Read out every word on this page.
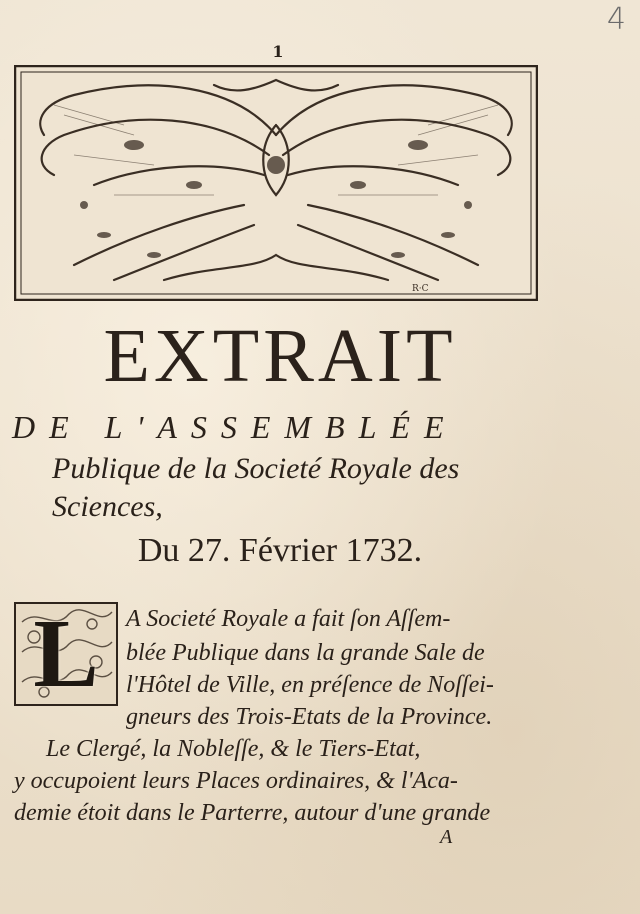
4
1
R·C
EXTRAIT
DE L'ASSEMBLÉE
Publique de la Societé Royale des
Sciences,
Du 27. Février 1732.
L	A Societé Royale a fait ſon Aſſem-
blée Publique dans la grande Sale de
l'Hôtel de Ville, en préſence de Noſſei-
gneurs des Trois-Etats de la Province.
Le Clergé, la Nobleſſe, & le Tiers-Etat,
y occupoient leurs Places ordinaires, & l'Aca-
demie étoit dans le Parterre, autour d'une grande
A
